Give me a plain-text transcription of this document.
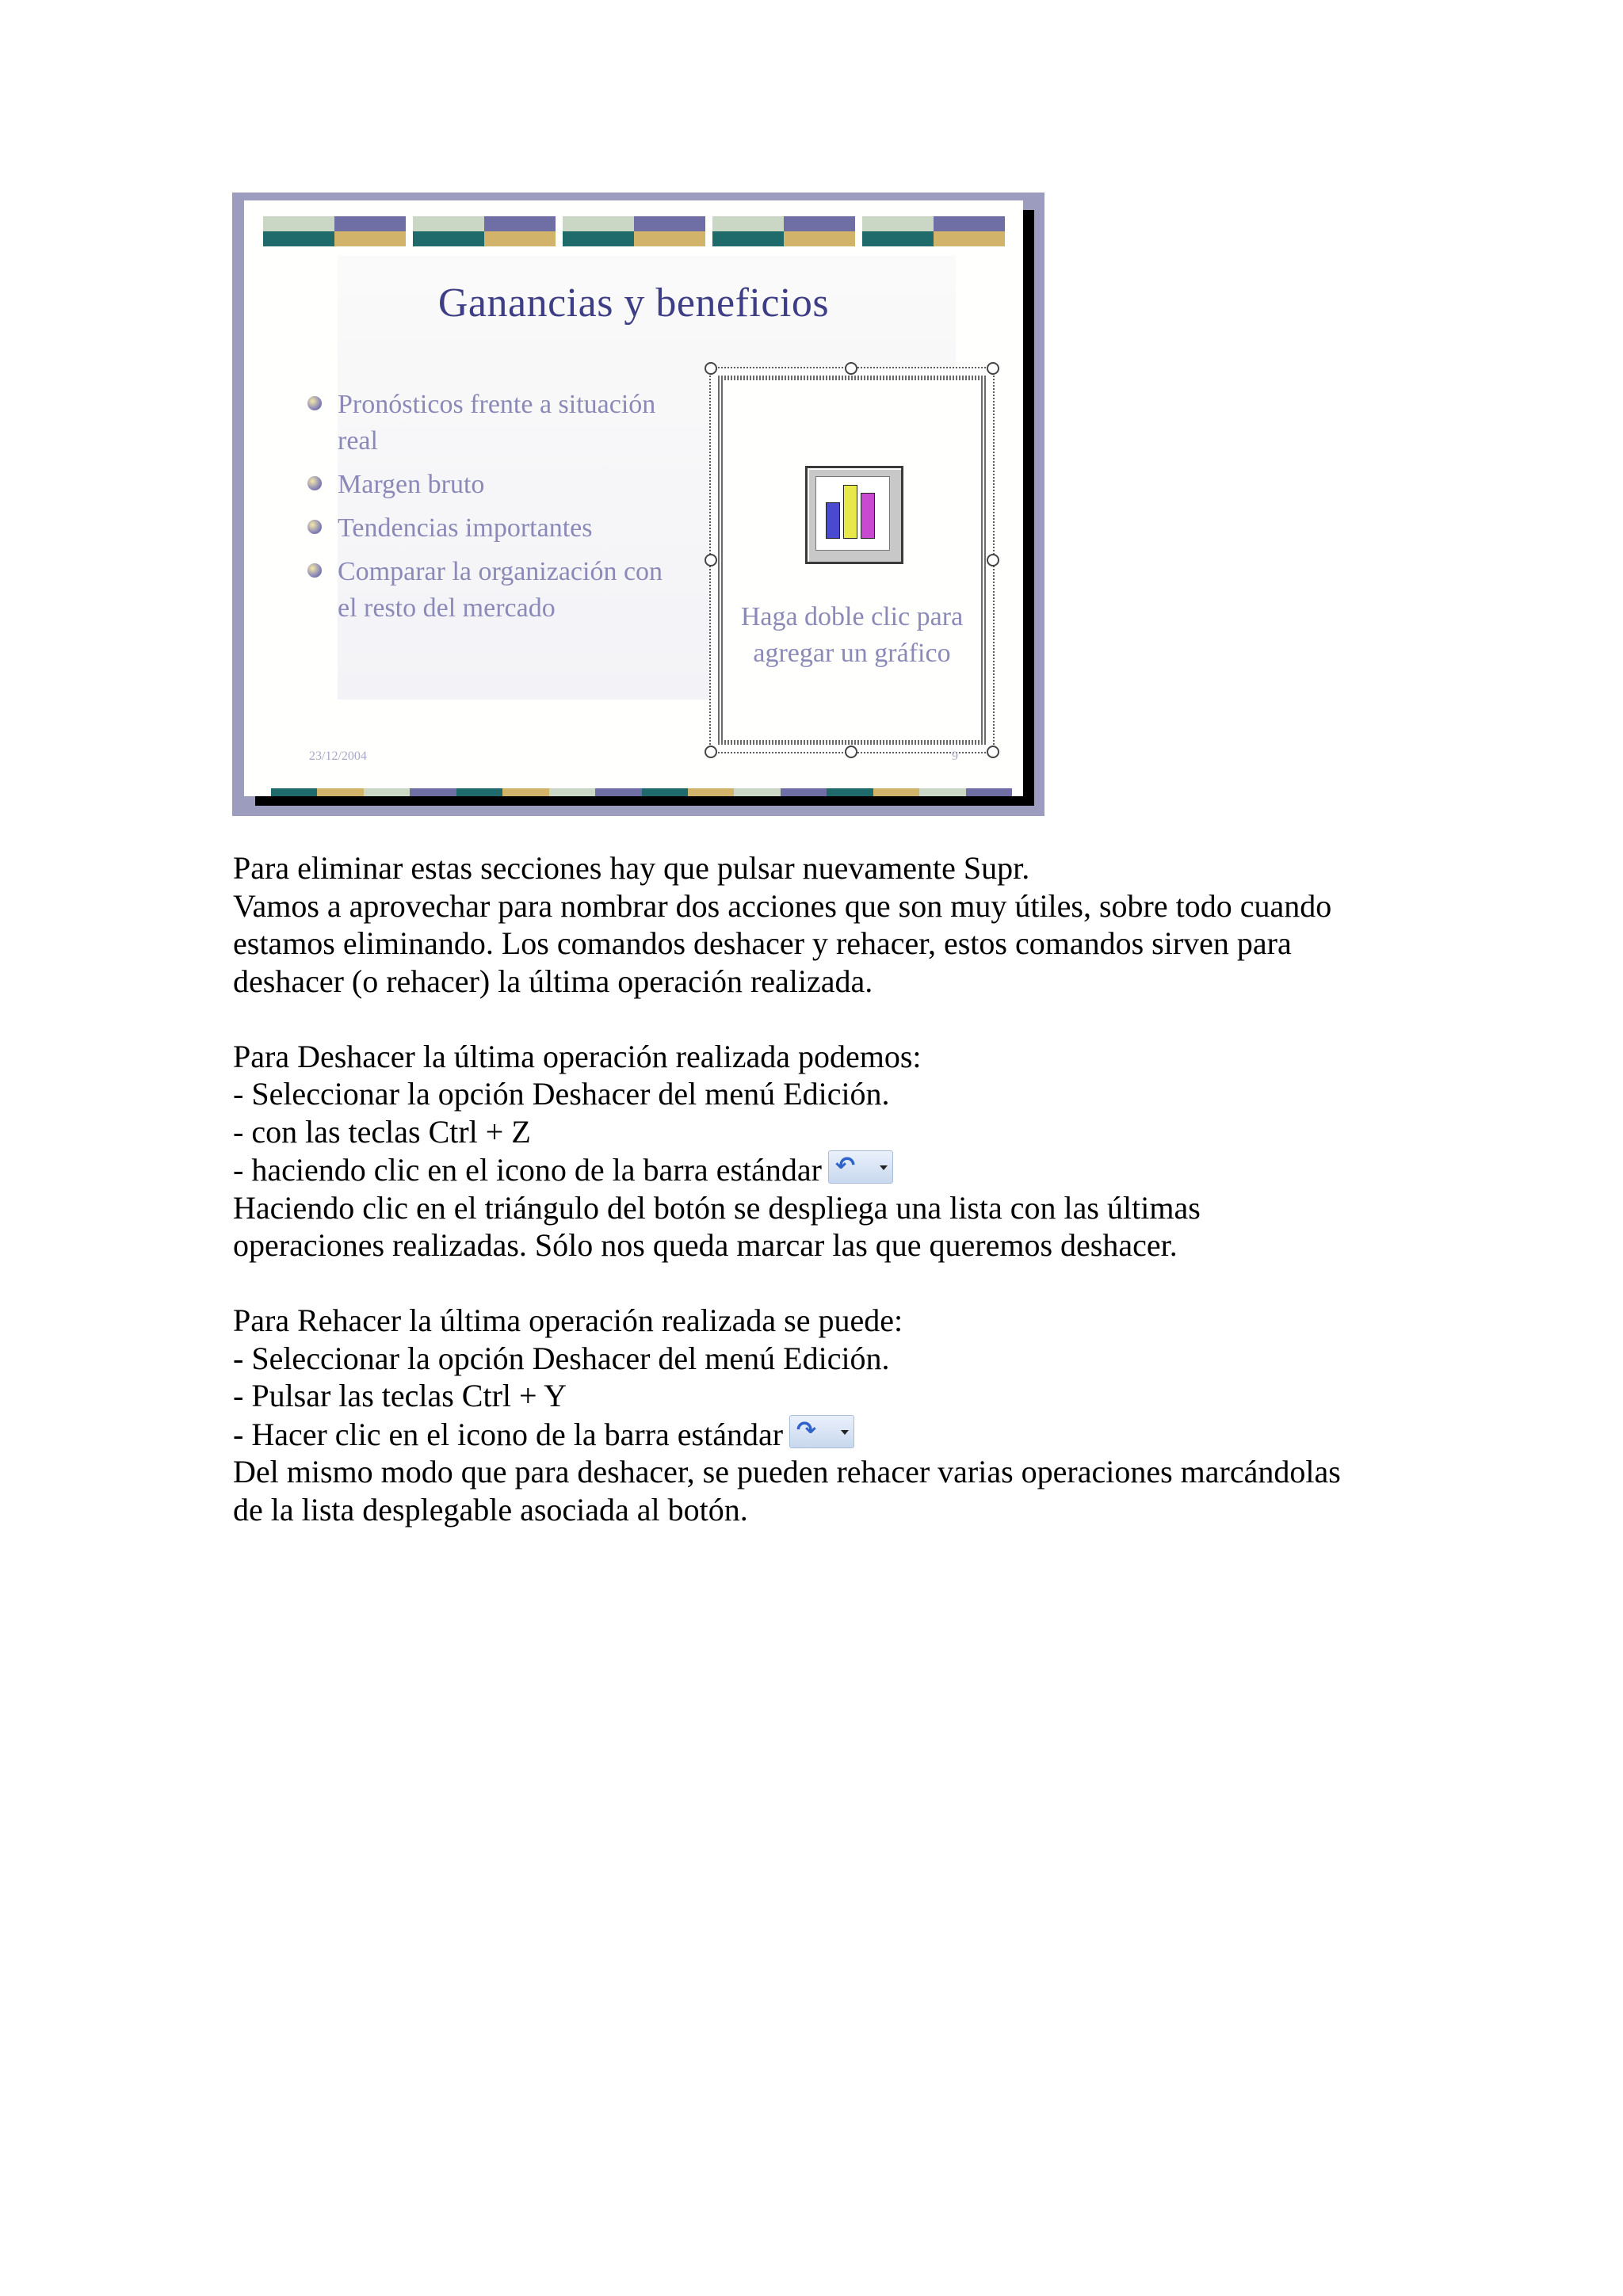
Ganancias y beneficios
Pronósticos frente a situación real
Margen bruto
Tendencias importantes
Comparar la organización con el resto del mercado	Haga doble clic para agregar un gráfico
23/12/2004	9

Para eliminar estas secciones hay que pulsar nuevamente Supr.

Vamos a aprovechar para nombrar dos acciones que son muy útiles, sobre todo cuando

estamos eliminando. Los comandos deshacer y rehacer, estos comandos sirven para

deshacer (o rehacer) la última operación realizada.

Para Deshacer la última operación realizada podemos:

- Seleccionar la opción Deshacer del menú Edición.

- con las teclas Ctrl + Z

- haciendo clic en el icono de la barra estándar ↶

Haciendo clic en el triángulo del botón se despliega una lista con las últimas

operaciones realizadas. Sólo nos queda marcar las que queremos deshacer.

Para Rehacer la última operación realizada se puede:

- Seleccionar la opción Deshacer del menú Edición.

- Pulsar las teclas Ctrl + Y

- Hacer clic en el icono de la barra estándar ↷

Del mismo modo que para deshacer, se pueden rehacer varias operaciones marcándolas

de la lista desplegable asociada al botón.
